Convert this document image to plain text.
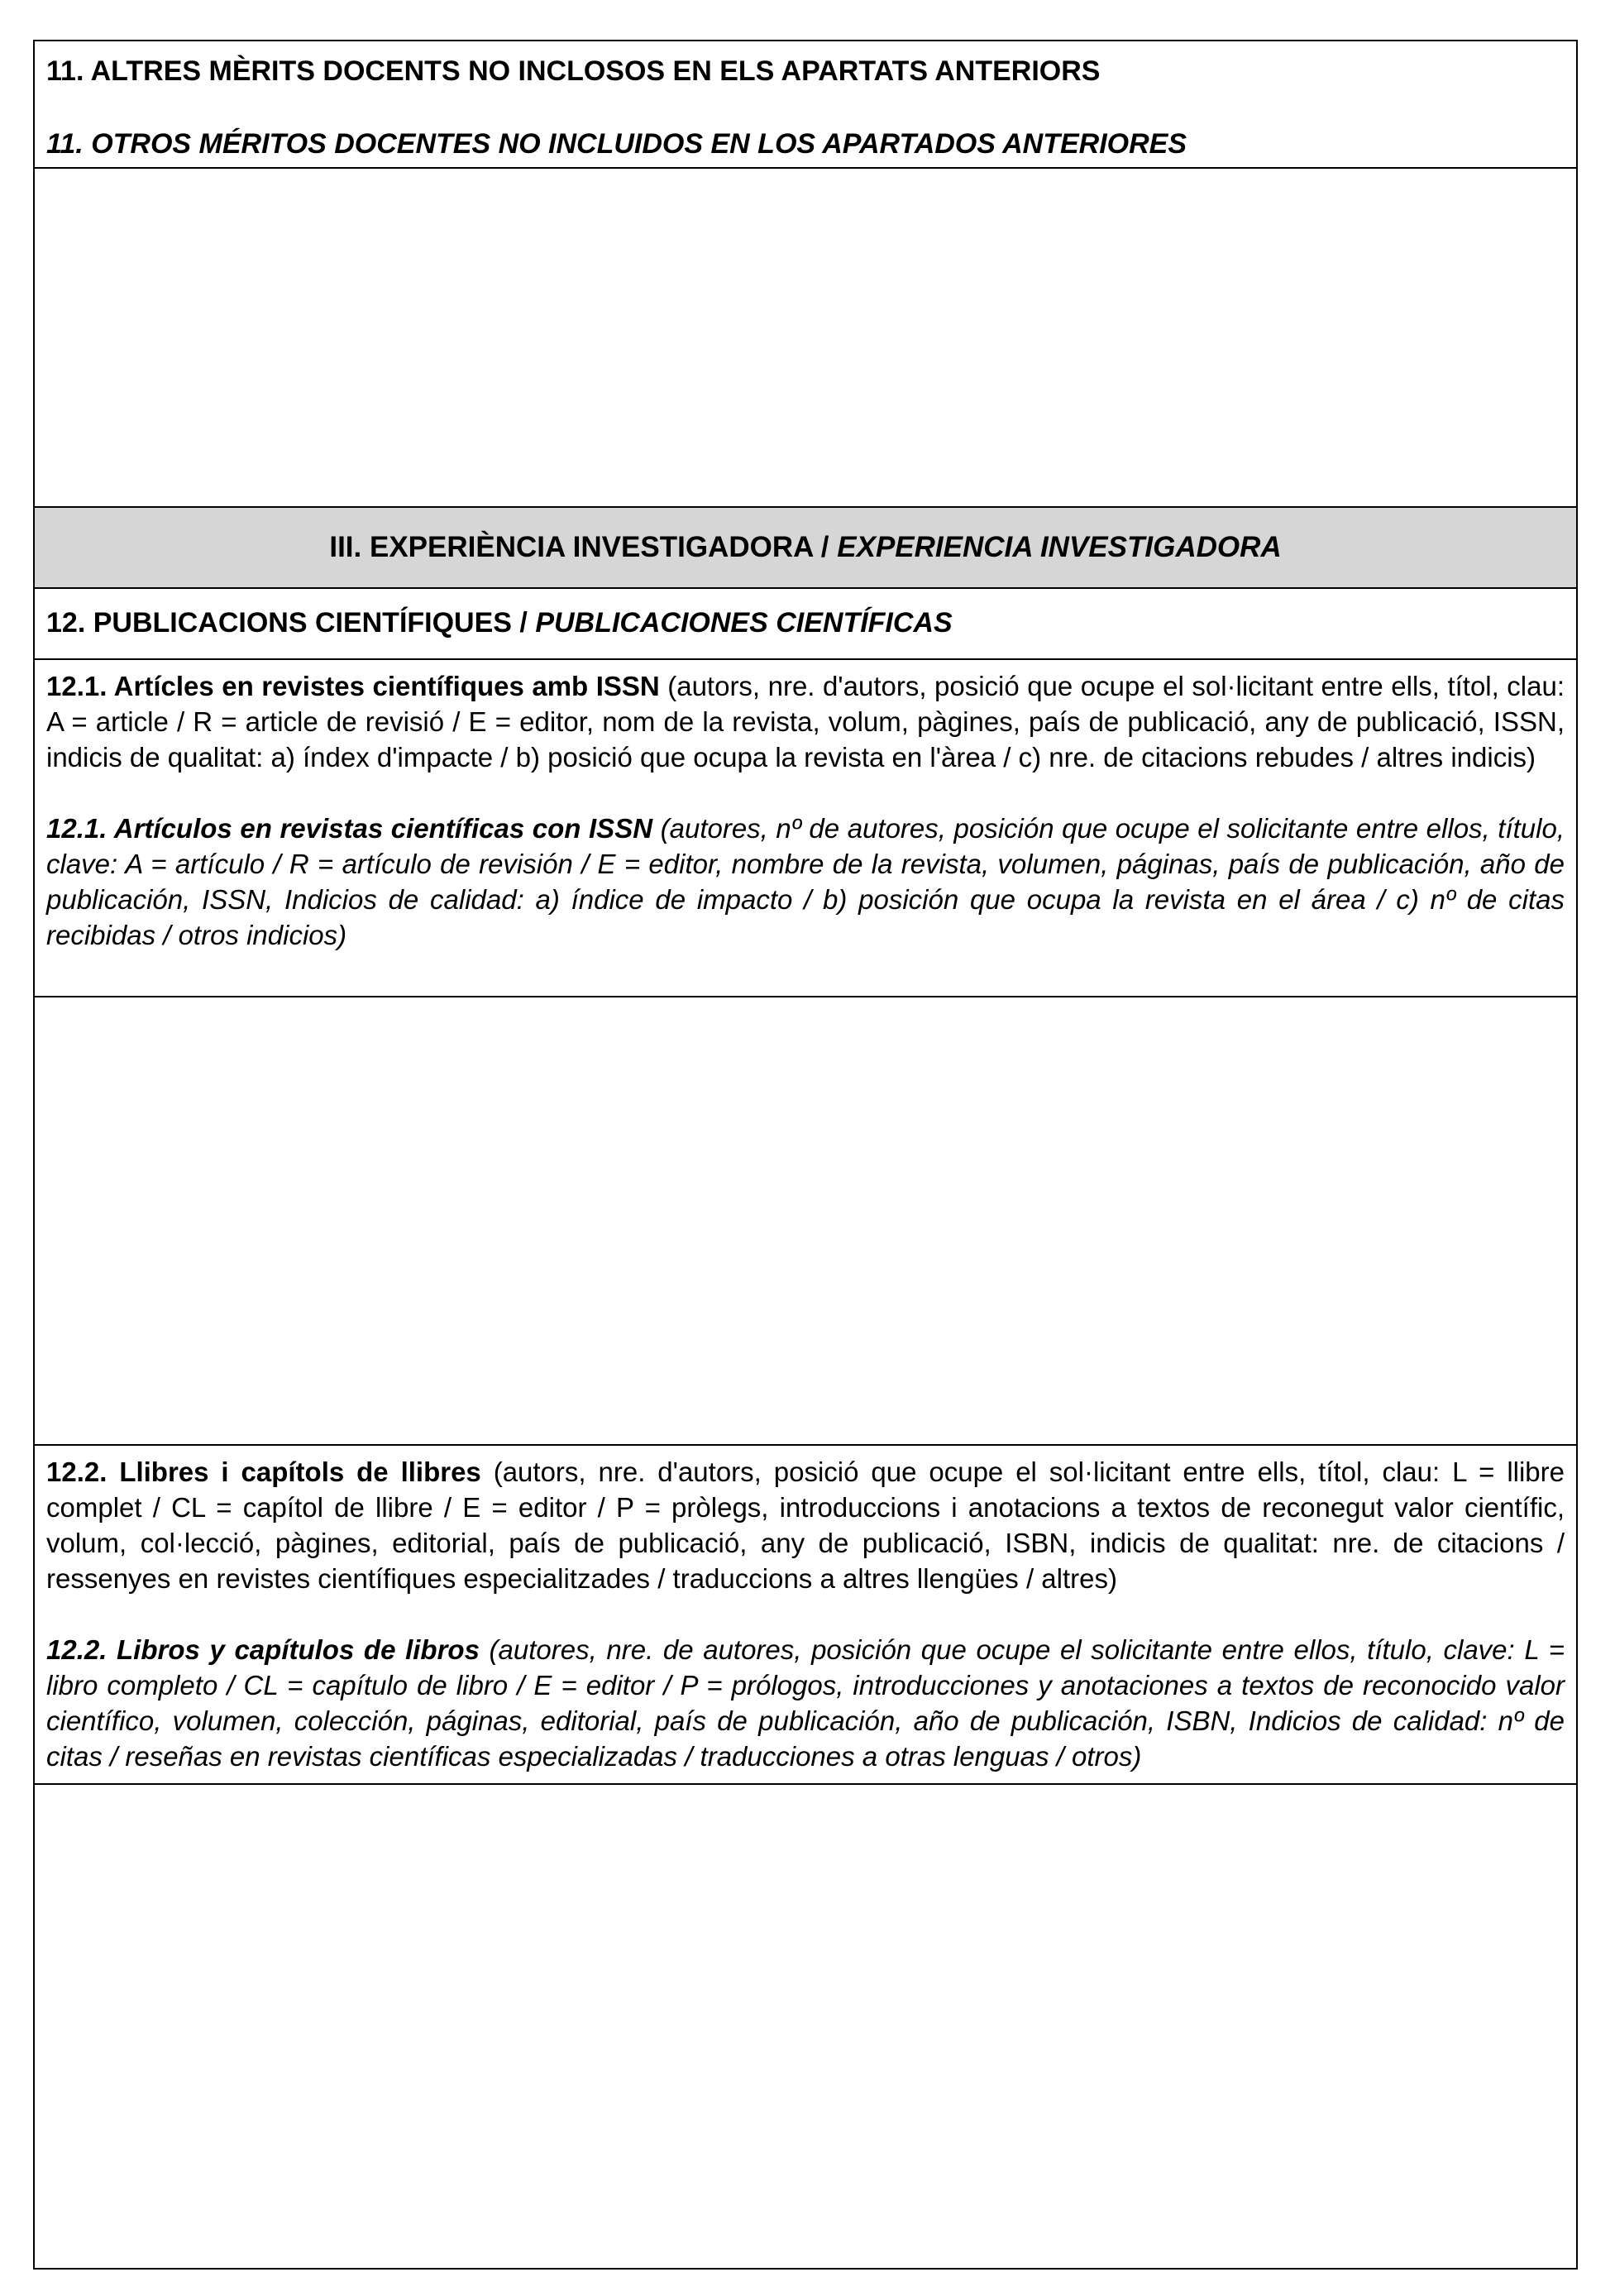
11. ALTRES MÈRITS DOCENTS NO INCLOSOS EN ELS APARTATS ANTERIORS

11. OTROS MÉRITOS DOCENTES NO INCLUIDOS EN LOS APARTADOS ANTERIORES

III. EXPERIÈNCIA INVESTIGADORA / EXPERIENCIA INVESTIGADORA
12. PUBLICACIONS CIENTÍFIQUES / PUBLICACIONES CIENTÍFICAS

12.1. Artícles en revistes científiques amb ISSN (autors, nre. d'autors, posició que ocupe el sol·licitant entre ells, títol, clau: A = article / R = article de revisió / E = editor, nom de la revista, volum, pàgines, país de publicació, any de publicació, ISSN, indicis de qualitat: a) índex d'impacte / b) posició que ocupa la revista en l'àrea / c) nre. de citacions rebudes / altres indicis)

12.1. Artículos en revistas científicas con ISSN (autores, nº de autores, posición que ocupe el solicitante entre ellos, título, clave: A = artículo / R = artículo de revisión / E = editor, nombre de la revista, volumen, páginas, país de publicación, año de publicación, ISSN, Indicios de calidad: a) índice de impacto / b) posición que ocupa la revista en el área / c) nº de citas recibidas / otros indicios)

12.2. Llibres i capítols de llibres (autors, nre. d'autors, posició que ocupe el sol·licitant entre ells, títol, clau: L = llibre complet / CL = capítol de llibre / E = editor / P = pròlegs, introduccions i anotacions a textos de reconegut valor científic, volum, col·lecció, pàgines, editorial, país de publicació, any de publicació, ISBN, indicis de qualitat: nre. de citacions / ressenyes en revistes científiques especialitzades / traduccions a altres llengües / altres)

12.2. Libros y capítulos de libros (autores, nre. de autores, posición que ocupe el solicitante entre ellos, título, clave: L = libro completo / CL = capítulo de libro / E = editor / P = prólogos, introducciones y anotaciones a textos de reconocido valor científico, volumen, colección, páginas, editorial, país de publicación, año de publicación, ISBN, Indicios de calidad: nº de citas / reseñas en revistas científicas especializadas / traducciones a otras lenguas / otros)
